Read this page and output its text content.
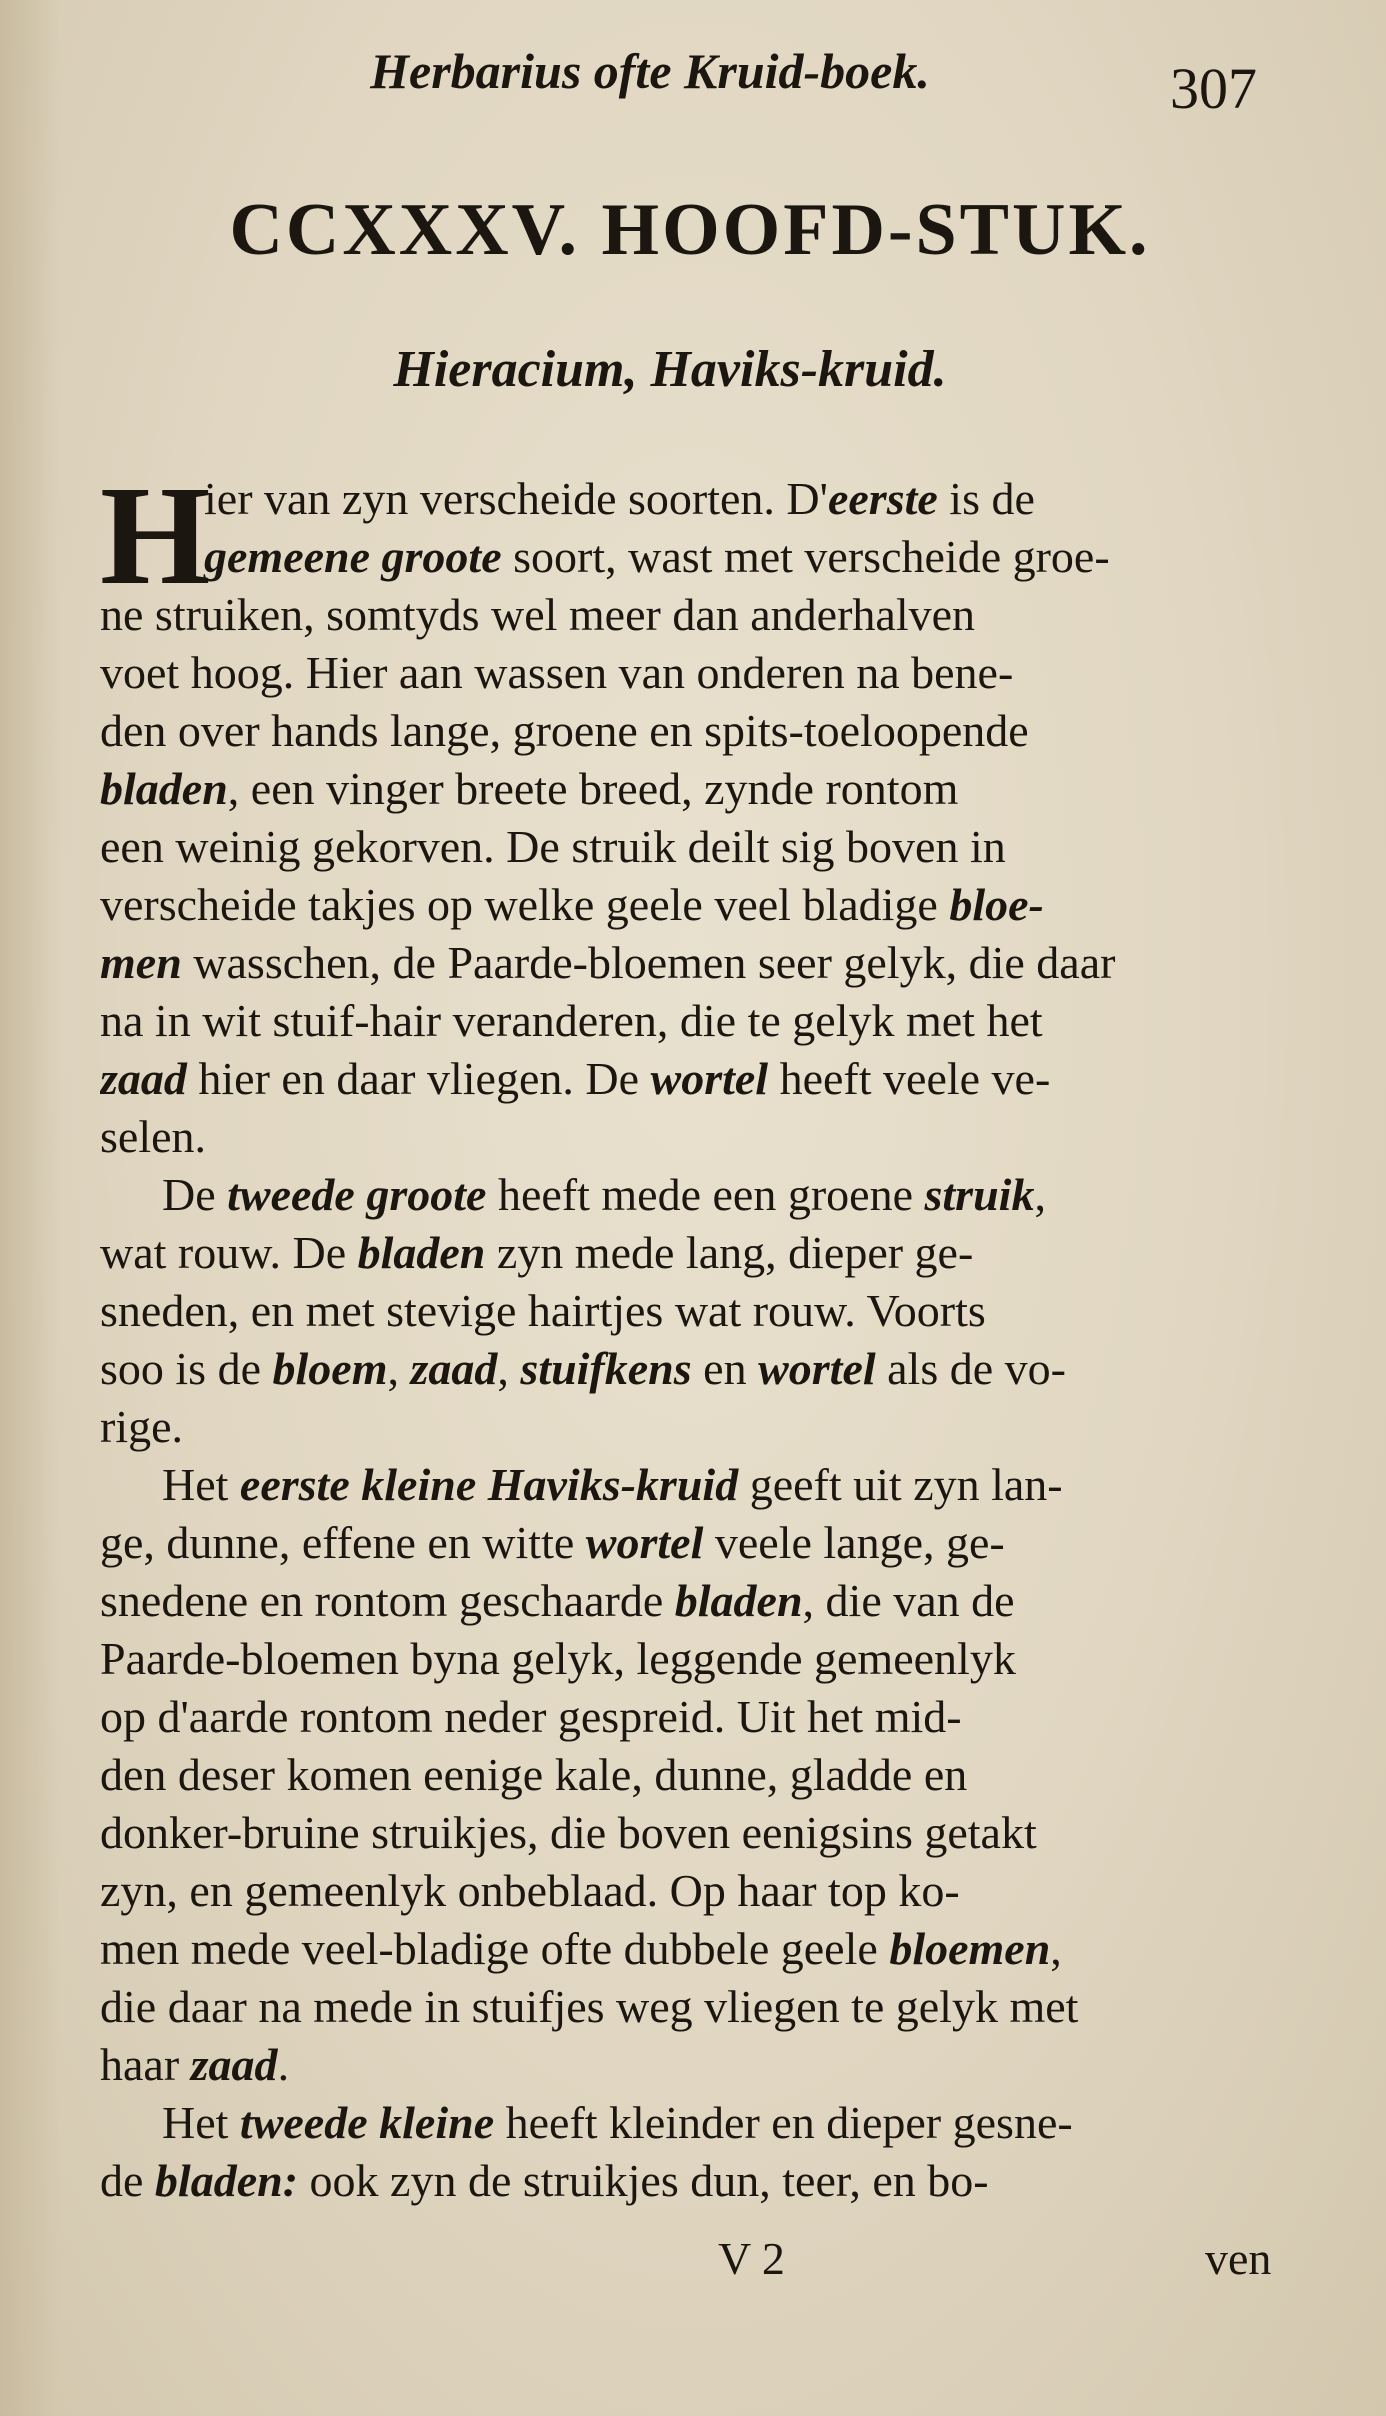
Herbarius ofte Kruid-boek.	307
CCXXXV. HOOFD-STUK.
Hieracium, Haviks-kruid.
H
ier van zyn verscheide soorten. D'eerste is de
gemeene groote soort, wast met verscheide groe-
ne struiken, somtyds wel meer dan anderhalven
voet hoog. Hier aan wassen van onderen na bene-
den over hands lange, groene en spits-toeloopende
bladen, een vinger breete breed, zynde rontom
een weinig gekorven. De struik deilt sig boven in
verscheide takjes op welke geele veel bladige bloe-
men wasschen, de Paarde-bloemen seer gelyk, die daar
na in wit stuif-hair veranderen, die te gelyk met het
zaad hier en daar vliegen. De wortel heeft veele ve-
selen.
De tweede groote heeft mede een groene struik,
wat rouw. De bladen zyn mede lang, dieper ge-
sneden, en met stevige hairtjes wat rouw. Voorts
soo is de bloem, zaad, stuifkens en wortel als de vo-
rige.
Het eerste kleine Haviks-kruid geeft uit zyn lan-
ge, dunne, effene en witte wortel veele lange, ge-
snedene en rontom geschaarde bladen, die van de
Paarde-bloemen byna gelyk, leggende gemeenlyk
op d'aarde rontom neder gespreid. Uit het mid-
den deser komen eenige kale, dunne, gladde en
donker-bruine struikjes, die boven eenigsins getakt
zyn, en gemeenlyk onbeblaad. Op haar top ko-
men mede veel-bladige ofte dubbele geele bloemen,
die daar na mede in stuifjes weg vliegen te gelyk met
haar zaad.
Het tweede kleine heeft kleinder en dieper gesne-
de bladen: ook zyn de struikjes dun, teer, en bo-
V 2	ven
